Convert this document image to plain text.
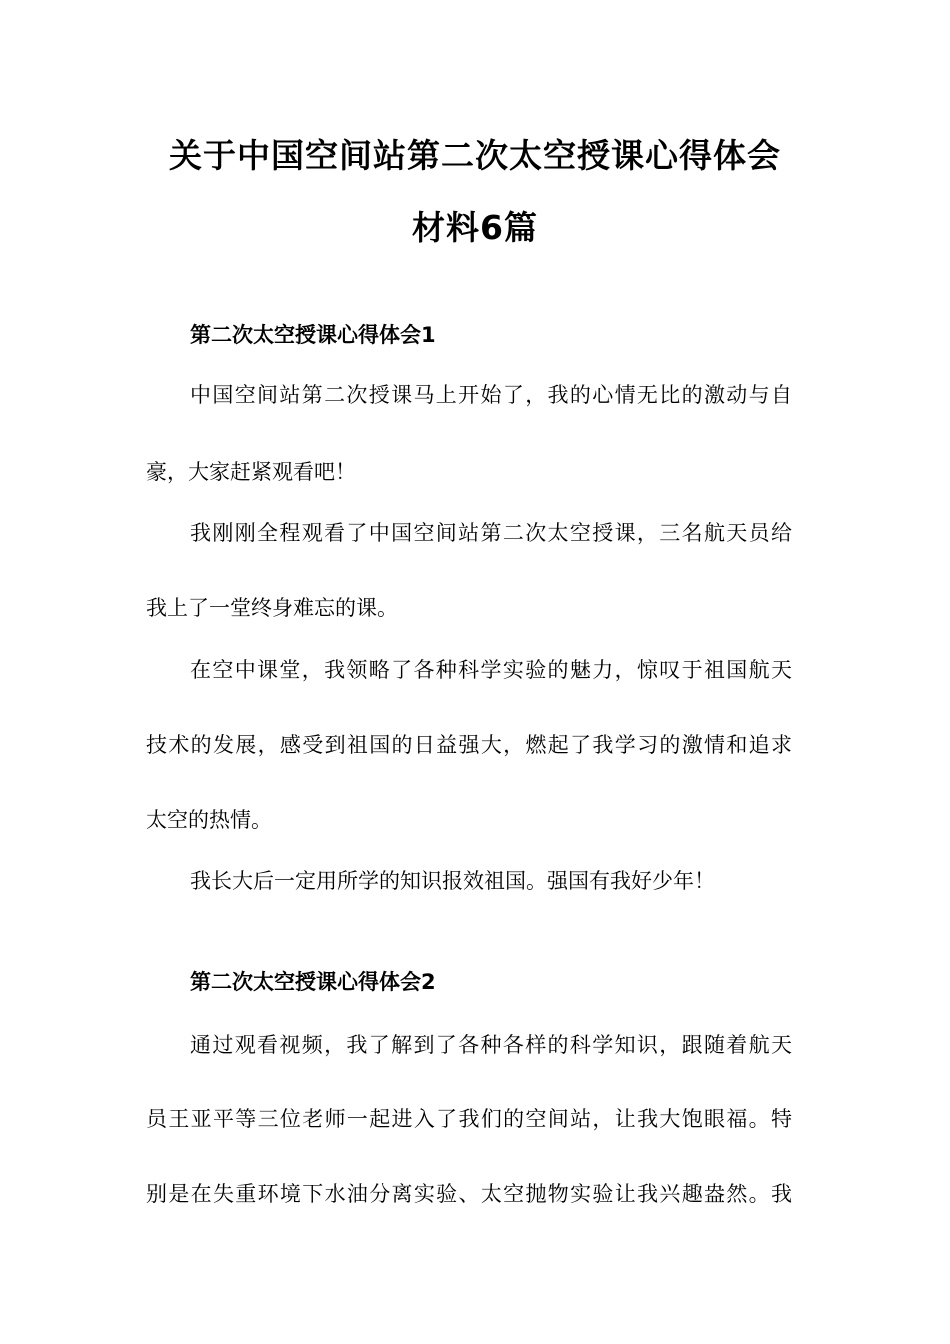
关于中国空间站第二次太空授课心得体会
材料6篇
第二次太空授课心得体会1
中国空间站第二次授课马上开始了，我的心情无比的激动与自
豪，大家赶紧观看吧！
我刚刚全程观看了中国空间站第二次太空授课，三名航天员给
我上了一堂终身难忘的课。
在空中课堂，我领略了各种科学实验的魅力，惊叹于祖国航天
技术的发展，感受到祖国的日益强大，燃起了我学习的激情和追求
太空的热情。
我长大后一定用所学的知识报效祖国。强国有我好少年！
第二次太空授课心得体会2
通过观看视频，我了解到了各种各样的科学知识，跟随着航天
员王亚平等三位老师一起进入了我们的空间站，让我大饱眼福。特
别是在失重环境下水油分离实验、太空抛物实验让我兴趣盎然。我
